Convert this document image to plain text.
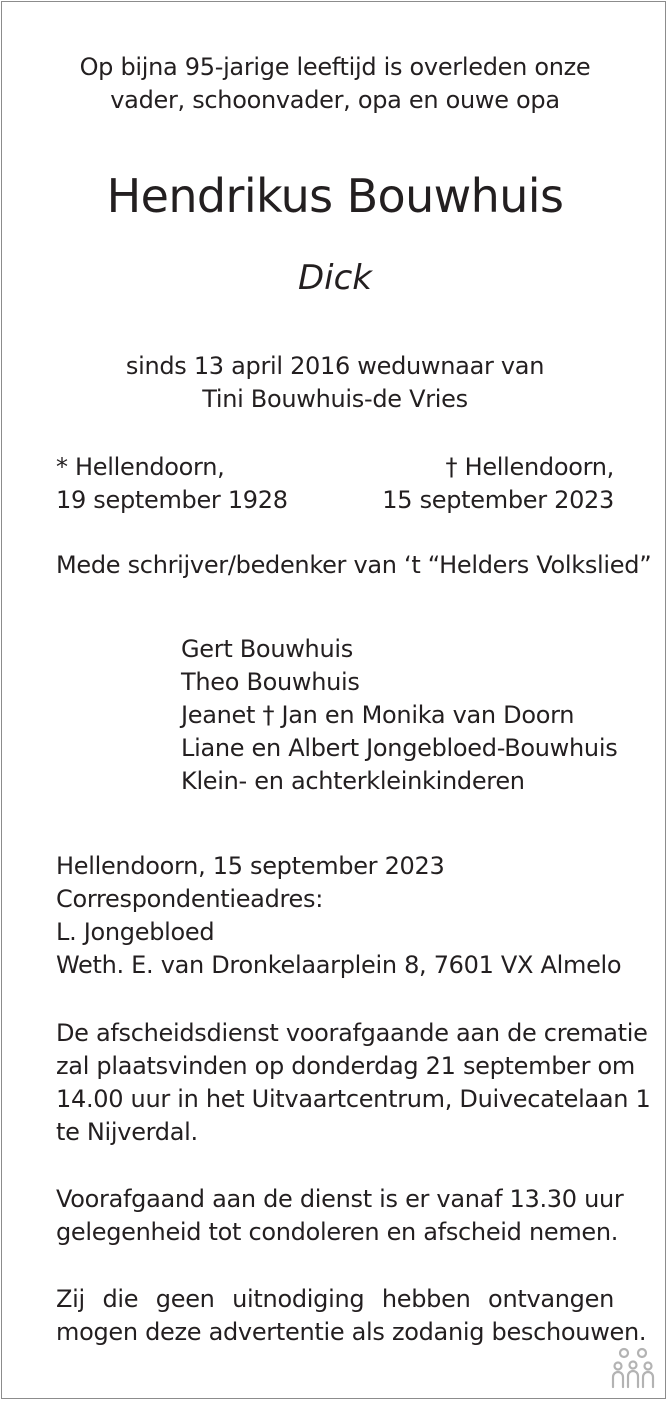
Op bijna 95-jarige leeftijd is overleden onze
vader, schoonvader, opa en ouwe opa
Hendrikus Bouwhuis
Dick
sinds 13 april 2016 weduwnaar van
Tini Bouwhuis-de Vries
* Hellendoorn,
19 september 1928
† Hellendoorn,
15 september 2023
Mede schrijver/bedenker van ‘t “Helders Volkslied”
Gert Bouwhuis
Theo Bouwhuis
Jeanet † Jan en Monika van Doorn
Liane en Albert Jongebloed-Bouwhuis
Klein- en achterkleinkinderen
Hellendoorn, 15 september 2023
Correspondentieadres:
L. Jongebloed
Weth. E. van Dronkelaarplein 8, 7601 VX Almelo
De afscheidsdienst voorafgaande aan de crematie
zal plaatsvinden op donderdag 21 september om
14.00 uur in het Uitvaartcentrum, Duivecatelaan 1
te Nijverdal.
Voorafgaand aan de dienst is er vanaf 13.30 uur
gelegenheid tot condoleren en afscheid nemen.
Zij die geen uitnodiging hebben ontvangen
mogen deze advertentie als zodanig beschouwen.
